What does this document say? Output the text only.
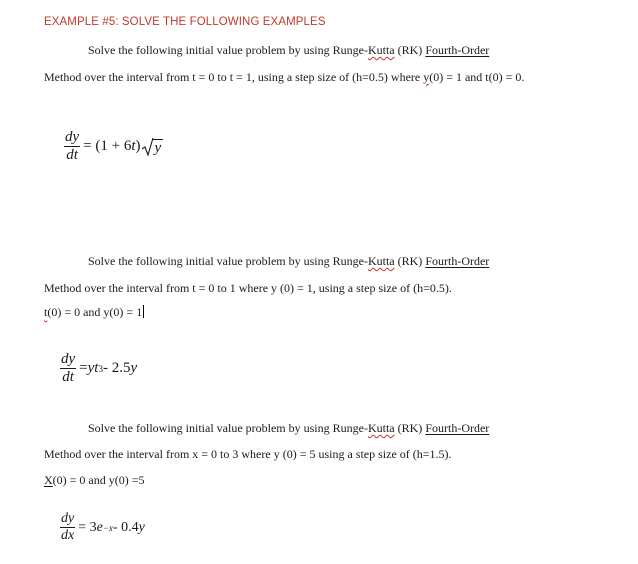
EXAMPLE #5: SOLVE THE FOLLOWING EXAMPLES
Solve the following initial value problem by using Runge-Kutta (RK) Fourth-Order
Method over the interval from t = 0 to t = 1, using a step size of (h=0.5) where y(0) = 1 and t(0) = 0.
$\frac{dy}{dt} = (1 + 6$ t ) y
Solve the following initial value problem by using Runge-Kutta (RK) Fourth-Order
Method over the interval from t = 0 to 1 where y (0) = 1, using a step size of (h=0.5).
t(0) = 0 and y(0) = 1
$\frac{dy}{dt}$ = yt 3 - 2.5 y
Solve the following initial value problem by using Runge-Kutta (RK) Fourth-Order
Method over the interval from x = 0 to 3 where y (0) = 5 using a step size of (h=1.5).
X(0) = 0 and y(0) =5
$\frac{dy}{dx} = 3$ e −x - 0.4 y
